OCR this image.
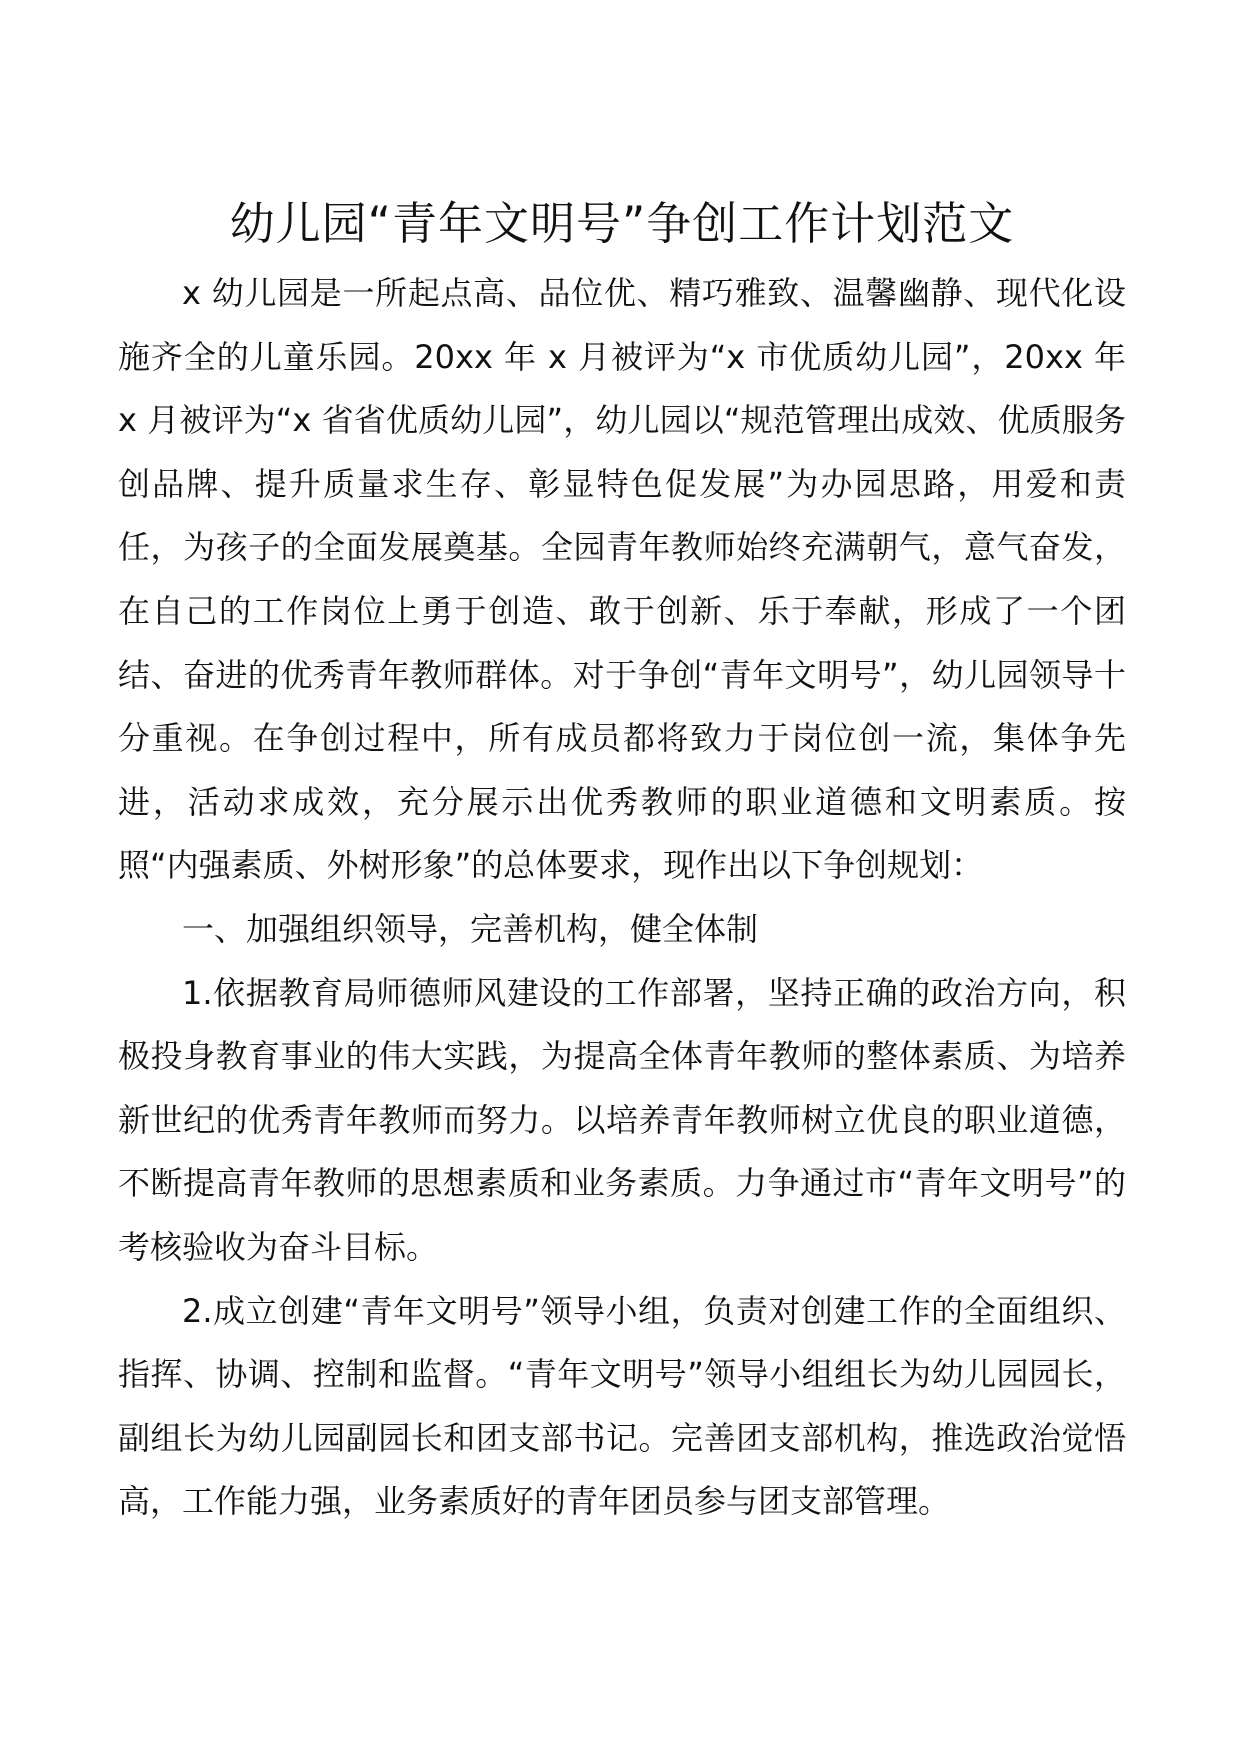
幼儿园“青年文明号”争创工作计划范文

x 幼儿园是一所起点高、品位优、精巧雅致、温馨幽静、现代化设施齐全的儿童乐园。20xx 年 x 月被评为“x 市优质幼儿园”，20xx 年 x 月被评为“x 省省优质幼儿园”，幼儿园以“规范管理出成效、优质服务创品牌、提升质量求生存、彰显特色促发展”为办园思路，用爱和责任，为孩子的全面发展奠基。全园青年教师始终充满朝气，意气奋发，在自己的工作岗位上勇于创造、敢于创新、乐于奉献，形成了一个团结、奋进的优秀青年教师群体。对于争创“青年文明号”，幼儿园领导十分重视。在争创过程中，所有成员都将致力于岗位创一流，集体争先进，活动求成效，充分展示出优秀教师的职业道德和文明素质。按照“内强素质、外树形象”的总体要求，现作出以下争创规划：

一、加强组织领导，完善机构，健全体制

1.依据教育局师德师风建设的工作部署，坚持正确的政治方向，积极投身教育事业的伟大实践，为提高全体青年教师的整体素质、为培养新世纪的优秀青年教师而努力。以培养青年教师树立优良的职业道德，不断提高青年教师的思想素质和业务素质。力争通过市“青年文明号”的考核验收为奋斗目标。

2.成立创建“青年文明号”领导小组，负责对创建工作的全面组织、指挥、协调、控制和监督。“青年文明号”领导小组组长为幼儿园园长，副组长为幼儿园副园长和团支部书记。完善团支部机构，推选政治觉悟高，工作能力强，业务素质好的青年团员参与团支部管理。
